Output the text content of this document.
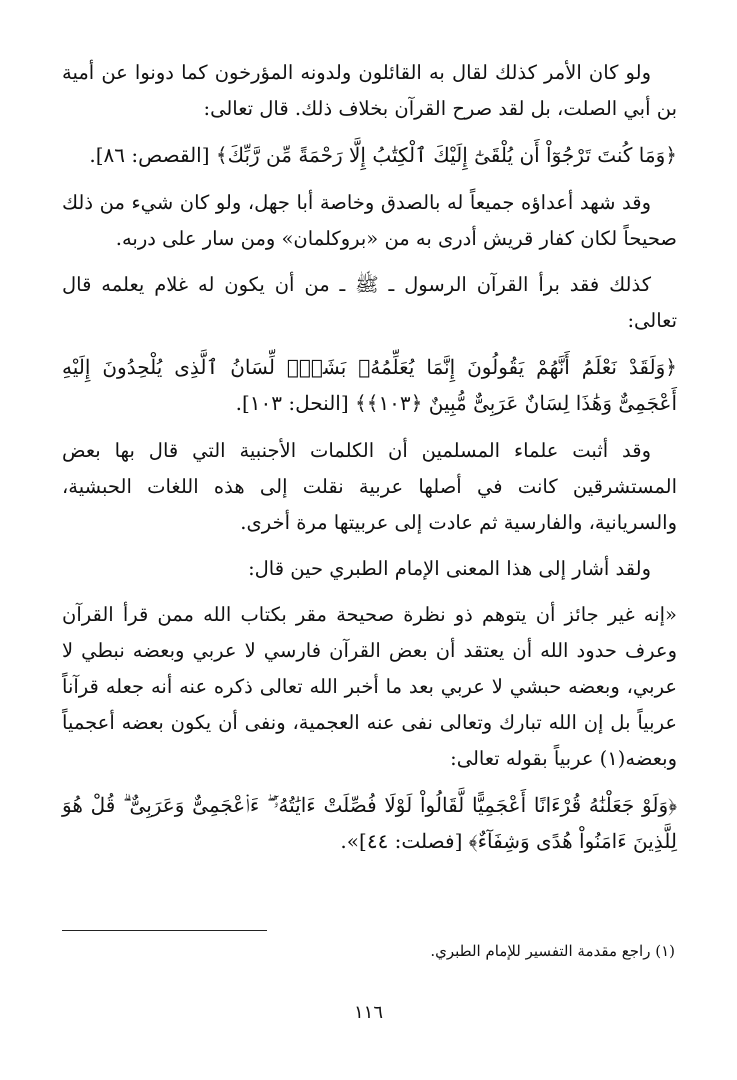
ولو كان الأمر كذلك لقال به القائلون ولدونه المؤرخون كما دونوا عن أمية بن أبي الصلت، بل لقد صرح القرآن بخلاف ذلك. قال تعالى:

﴿وَمَا كُنتَ تَرْجُوٓاْ أَن يُلْقَىٰٓ إِلَيْكَ ٱلْكِتَٰبُ إِلَّا رَحْمَةً مِّن رَّبِّكَ﴾ [القصص: ٨٦].

وقد شهد أعداؤه جميعاً له بالصدق وخاصة أبا جهل، ولو كان شيء من ذلك صحيحاً لكان كفار قريش أدرى به من «بروكلمان» ومن سار على دربه.

كذلك فقد برأ القرآن الرسول ـ ﷺ ـ من أن يكون له غلام يعلمه قال تعالى:

﴿وَلَقَدْ نَعْلَمُ أَنَّهُمْ يَقُولُونَ إِنَّمَا يُعَلِّمُهُۥ بَشَرٌۗ لِّسَانُ ٱلَّذِى يُلْحِدُونَ إِلَيْهِ أَعْجَمِىٌّ وَهَٰذَا لِسَانٌ عَرَبِىٌّ مُّبِينٌ ﴿١٠٣﴾﴾ [النحل: ١٠٣].

وقد أثبت علماء المسلمين أن الكلمات الأجنبية التي قال بها بعض المستشرقين كانت في أصلها عربية نقلت إلى هذه اللغات الحبشية، والسريانية، والفارسية ثم عادت إلى عربيتها مرة أخرى.

ولقد أشار إلى هذا المعنى الإمام الطبري حين قال:

«إنه غير جائز أن يتوهم ذو نظرة صحيحة مقر بكتاب الله ممن قرأ القرآن وعرف حدود الله أن يعتقد أن بعض القرآن فارسي لا عربي وبعضه نبطي لا عربي، وبعضه حبشي لا عربي بعد ما أخبر الله تعالى ذكره عنه أنه جعله قرآناً عربياً بل إن الله تبارك وتعالى نفى عنه العجمية، ونفى أن يكون بعضه أعجمياً وبعضه(١) عربياً بقوله تعالى:

﴿وَلَوْ جَعَلْنَٰهُ قُرْءَانًا أَعْجَمِيًّا لَّقَالُواْ لَوْلَا فُصِّلَتْ ءَايَٰتُهُۥٓ ۖ ءَا۬عْجَمِىٌّ وَعَرَبِىٌّ ۗ قُلْ هُوَ لِلَّذِينَ ءَامَنُواْ هُدًى وَشِفَآءٌ﴾ [فصلت: ٤٤]».

(١) راجع مقدمة التفسير للإمام الطبري.
١١٦
